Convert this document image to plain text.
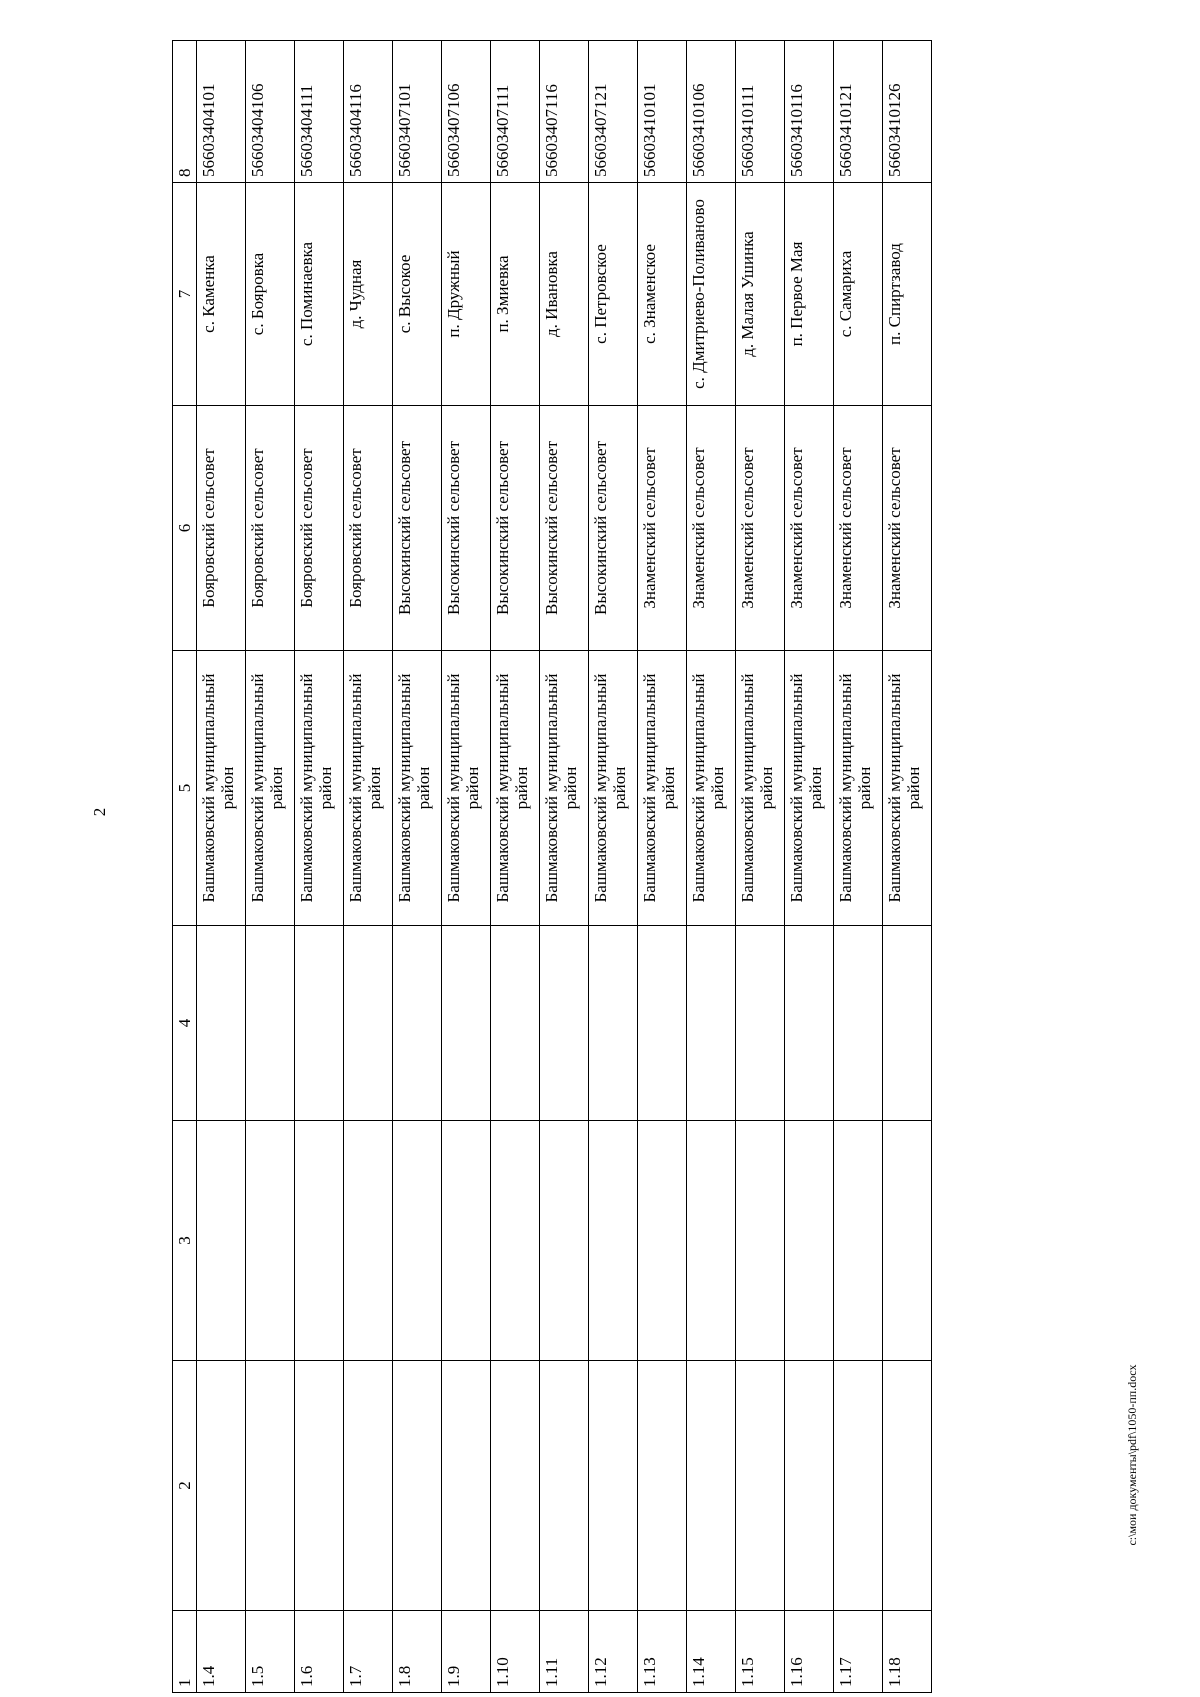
2
1	2	3	4	5	6	7	8
1.4				Башмаковский муниципальный район	Бояровский сельсовет	с. Каменка	56603404101
1.5				Башмаковский муниципальный район	Бояровский сельсовет	с. Бояровка	56603404106
1.6				Башмаковский муниципальный район	Бояровский сельсовет	с. Поминаевка	56603404111
1.7				Башмаковский муниципальный район	Бояровский сельсовет	д. Чудная	56603404116
1.8				Башмаковский муниципальный район	Высокинский сельсовет	с. Высокое	56603407101
1.9				Башмаковский муниципальный район	Высокинский сельсовет	п. Дружный	56603407106
1.10				Башмаковский муниципальный район	Высокинский сельсовет	п. Змиевка	56603407111
1.11				Башмаковский муниципальный район	Высокинский сельсовет	д. Ивановка	56603407116
1.12				Башмаковский муниципальный район	Высокинский сельсовет	с. Петровское	56603407121
1.13				Башмаковский муниципальный район	Знаменский сельсовет	с. Знаменское	56603410101
1.14				Башмаковский муниципальный район	Знаменский сельсовет	с. Дмитриево-Поливаново	56603410106
1.15				Башмаковский муниципальный район	Знаменский сельсовет	д. Малая Ушинка	56603410111
1.16				Башмаковский муниципальный район	Знаменский сельсовет	п. Первое Мая	56603410116
1.17				Башмаковский муниципальный район	Знаменский сельсовет	с. Самариха	56603410121
1.18				Башмаковский муниципальный район	Знаменский сельсовет	п. Спиртзавод	56603410126
c:\мои документы\pdf\1050-пп.docx
